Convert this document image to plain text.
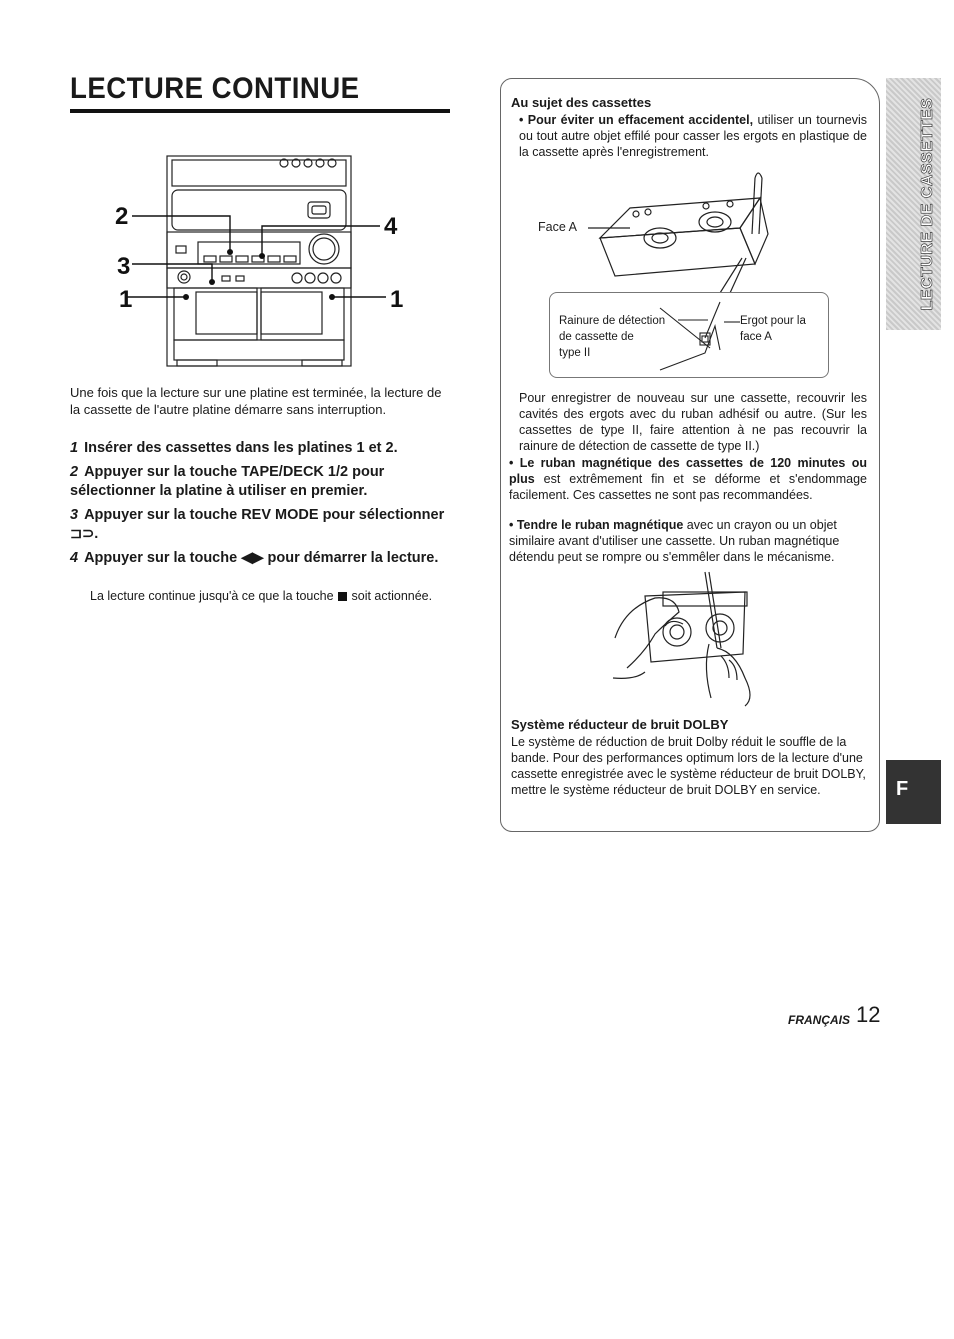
LECTURE CONTINUE
2
3
1
4
1

Une fois que la lecture sur une platine est terminée, la lecture de la cassette de l'autre platine démarre sans interruption.

1 Insérer des cassettes dans les platines 1 et 2.

2 Appuyer sur la touche TAPE/DECK 1/2 pour sélectionner la platine à utiliser en premier.

3 Appuyer sur la touche REV MODE pour sélectionner ⊐⊃.

4 Appuyer sur la touche ◀▶ pour démarrer la lecture.

La lecture continue jusqu'à ce que la touche soit actionnée.

Au sujet des cassettes

• Pour éviter un effacement accidentel, utiliser un tournevis ou tout autre objet effilé pour casser les ergots en plastique de la cassette après l'enregistrement.

Face A

Rainure de détection

de cassette de

type II

Ergot pour la

face A

Pour enregistrer de nouveau sur une cassette, recouvrir les cavités des ergots avec du ruban adhésif ou autre. (Sur les cassettes de type II, faire attention à ne pas recouvrir la rainure de détection de cassette de type II.)

• Le ruban magnétique des cassettes de 120 minutes ou plus est extrêmement fin et se déforme et s'endommage facilement. Ces cassettes ne sont pas recommandées.

• Tendre le ruban magnétique avec un crayon ou un objet similaire avant d'utiliser une cassette. Un ruban magnétique détendu peut se rompre ou s'emmêler dans le mécanisme.

Système réducteur de bruit DOLBY

Le système de réduction de bruit Dolby réduit le souffle de la bande. Pour des performances optimum lors de la lecture d'une cassette enregistrée avec le système réducteur de bruit DOLBY, mettre le système réducteur de bruit DOLBY en service.

LECTURE DE CASSETTES

F

FRANÇAIS 12
